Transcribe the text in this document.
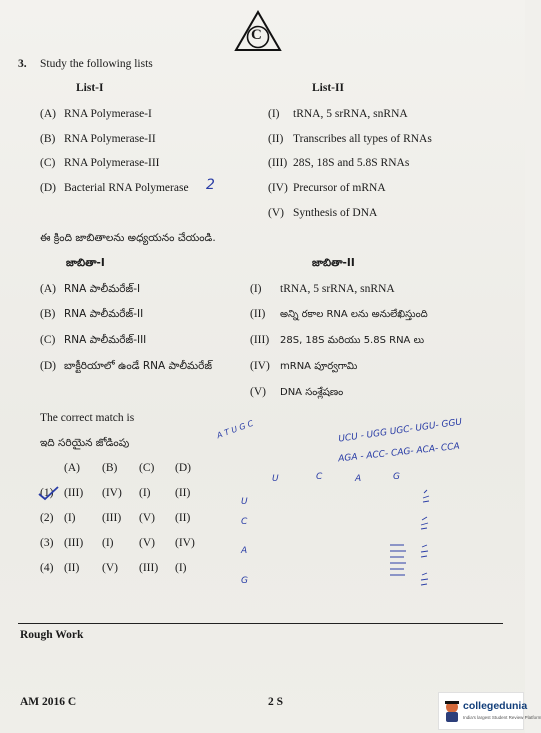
C
3. Study the following lists
List-I	List-II
(A) RNA Polymerase-I
(B) RNA Polymerase-II
(C) RNA Polymerase-III
(D) Bacterial RNA Polymerase 2
(I) tRNA, 5 srRNA, snRNA
(II) Transcribes all types of RNAs
(III) 28S, 18S and 5.8S RNAs
(IV) Precursor of mRNA
(V) Synthesis of DNA
ఈ క్రింది జాబితాలను అధ్యయనం చేయండి.
జాబితా-I	జాబితా-II
(A) RNA పాలీమరేజ్-I
(B) RNA పాలీమరేజ్-II
(C) RNA పాలీమరేజ్-III
(D) బాక్టీరియాలో ఉండే RNA పాలీమరేజ్
(I) tRNA, 5 srRNA, snRNA
(II) అన్ని రకాల RNA లను అనులేఖిస్తుంది
(III) 28S, 18S మరియు 5.8S RNA లు
(IV) mRNA పూర్వగామి
(V) DNA సంశ్లేషణం
The correct match is
ఇది సరియైన జోడింపు
(A) (B) (C) (D)
(1) (III) (IV) (I) (II)
(2) (I) (III) (V) (II)
(3) (III) (I) (V) (IV)
(4) (II) (V) (III) (I)
A T U G C	UCU - UGG UGC- UGU- GGU
AGA - ACC- CAG- ACA- CCA
U	C	A	G
U
C
A
G
Rough Work
AM 2016 C	2 S	collegedunia
India's largest Student Review Platform
